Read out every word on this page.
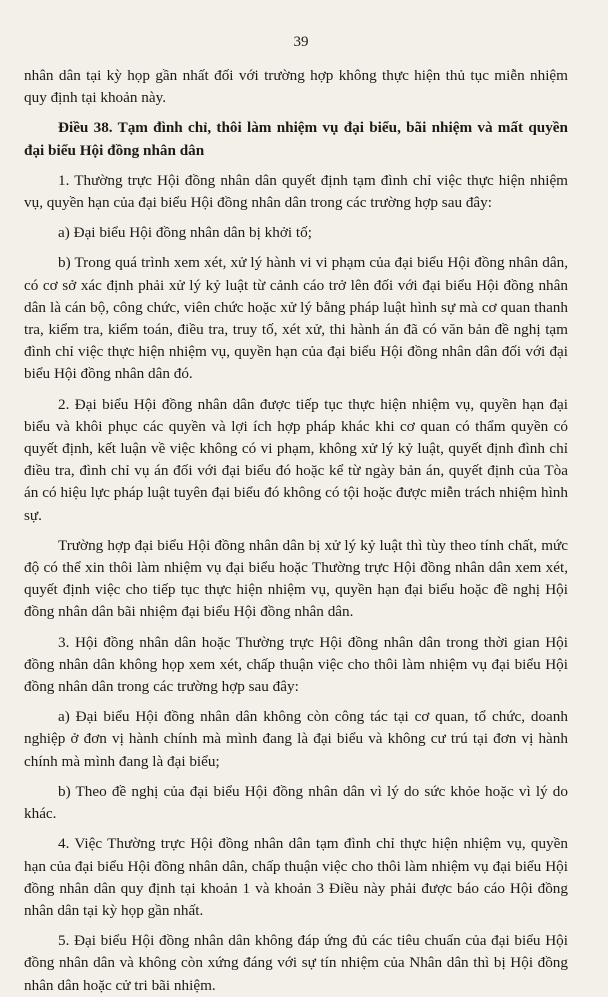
39

nhân dân tại kỳ họp gần nhất đối với trường hợp không thực hiện thủ tục miễn nhiệm quy định tại khoản này.

Điều 38. Tạm đình chỉ, thôi làm nhiệm vụ đại biểu, bãi nhiệm và mất quyền đại biểu Hội đồng nhân dân

1. Thường trực Hội đồng nhân dân quyết định tạm đình chỉ việc thực hiện nhiệm vụ, quyền hạn của đại biểu Hội đồng nhân dân trong các trường hợp sau đây:

a) Đại biểu Hội đồng nhân dân bị khởi tố;

b) Trong quá trình xem xét, xử lý hành vi vi phạm của đại biểu Hội đồng nhân dân, có cơ sở xác định phải xử lý kỷ luật từ cảnh cáo trở lên đối với đại biểu Hội đồng nhân dân là cán bộ, công chức, viên chức hoặc xử lý bằng pháp luật hình sự mà cơ quan thanh tra, kiểm tra, kiểm toán, điều tra, truy tố, xét xử, thi hành án đã có văn bản đề nghị tạm đình chỉ việc thực hiện nhiệm vụ, quyền hạn của đại biểu Hội đồng nhân dân đối với đại biểu Hội đồng nhân dân đó.

2. Đại biểu Hội đồng nhân dân được tiếp tục thực hiện nhiệm vụ, quyền hạn đại biểu và khôi phục các quyền và lợi ích hợp pháp khác khi cơ quan có thẩm quyền có quyết định, kết luận về việc không có vi phạm, không xử lý kỷ luật, quyết định đình chỉ điều tra, đình chỉ vụ án đối với đại biểu đó hoặc kể từ ngày bản án, quyết định của Tòa án có hiệu lực pháp luật tuyên đại biểu đó không có tội hoặc được miễn trách nhiệm hình sự.

Trường hợp đại biểu Hội đồng nhân dân bị xử lý kỷ luật thì tùy theo tính chất, mức độ có thể xin thôi làm nhiệm vụ đại biểu hoặc Thường trực Hội đồng nhân dân xem xét, quyết định việc cho tiếp tục thực hiện nhiệm vụ, quyền hạn đại biểu hoặc đề nghị Hội đồng nhân dân bãi nhiệm đại biểu Hội đồng nhân dân.

3. Hội đồng nhân dân hoặc Thường trực Hội đồng nhân dân trong thời gian Hội đồng nhân dân không họp xem xét, chấp thuận việc cho thôi làm nhiệm vụ đại biểu Hội đồng nhân dân trong các trường hợp sau đây:

a) Đại biểu Hội đồng nhân dân không còn công tác tại cơ quan, tổ chức, doanh nghiệp ở đơn vị hành chính mà mình đang là đại biểu và không cư trú tại đơn vị hành chính mà mình đang là đại biểu;

b) Theo đề nghị của đại biểu Hội đồng nhân dân vì lý do sức khỏe hoặc vì lý do khác.

4. Việc Thường trực Hội đồng nhân dân tạm đình chỉ thực hiện nhiệm vụ, quyền hạn của đại biểu Hội đồng nhân dân, chấp thuận việc cho thôi làm nhiệm vụ đại biểu Hội đồng nhân dân quy định tại khoản 1 và khoản 3 Điều này phải được báo cáo Hội đồng nhân dân tại kỳ họp gần nhất.

5. Đại biểu Hội đồng nhân dân không đáp ứng đủ các tiêu chuẩn của đại biểu Hội đồng nhân dân và không còn xứng đáng với sự tín nhiệm của Nhân dân thì bị Hội đồng nhân dân hoặc cử tri bãi nhiệm.
